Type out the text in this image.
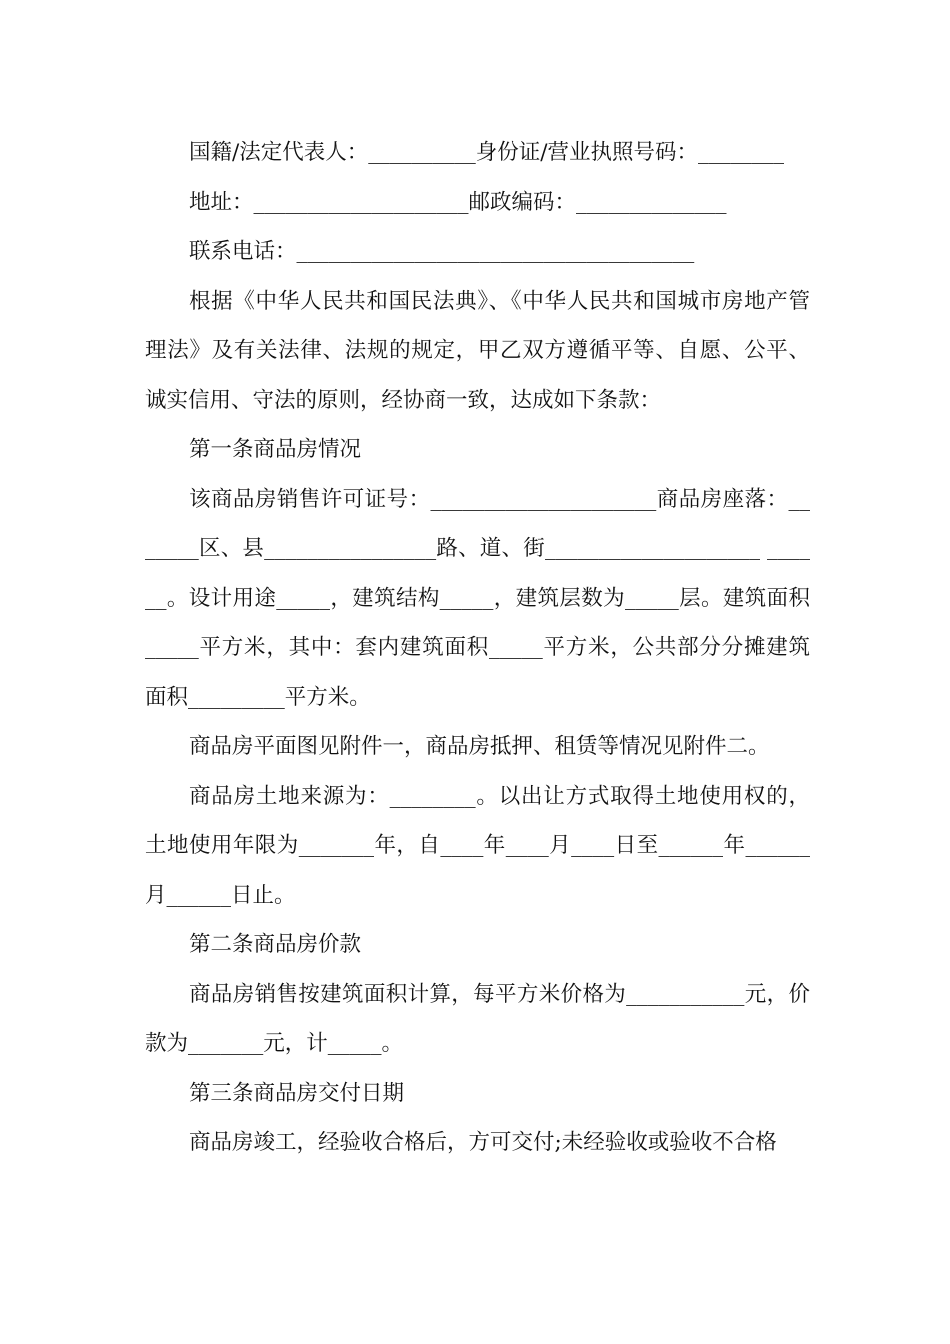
国籍/法定代表人：__________身份证/营业执照号码：________

地址：____________________邮政编码：______________

联系电话：_____________________________________

根据《中华人民共和国民法典》、《中华人民共和国城市房地产管理法》及有关法律、法规的规定，甲乙双方遵循平等、自愿、公平、诚实信用、守法的原则，经协商一致，达成如下条款：

第一条商品房情况

该商品房销售许可证号：_____________________商品房座落：_______区、县________________路、道、街____________________ ______。设计用途_____，建筑结构_____，建筑层数为_____层。建筑面积_____平方米，其中：套内建筑面积_____平方米，公共部分分摊建筑面积_________平方米。

商品房平面图见附件一，商品房抵押、租赁等情况见附件二。

商品房土地来源为：________。以出让方式取得土地使用权的，土地使用年限为_______年，自____年____月____日至______年______月______日止。

第二条商品房价款

商品房销售按建筑面积计算，每平方米价格为___________元，价款为_______元，计_____。

第三条商品房交付日期

商品房竣工，经验收合格后，方可交付;未经验收或验收不合格
